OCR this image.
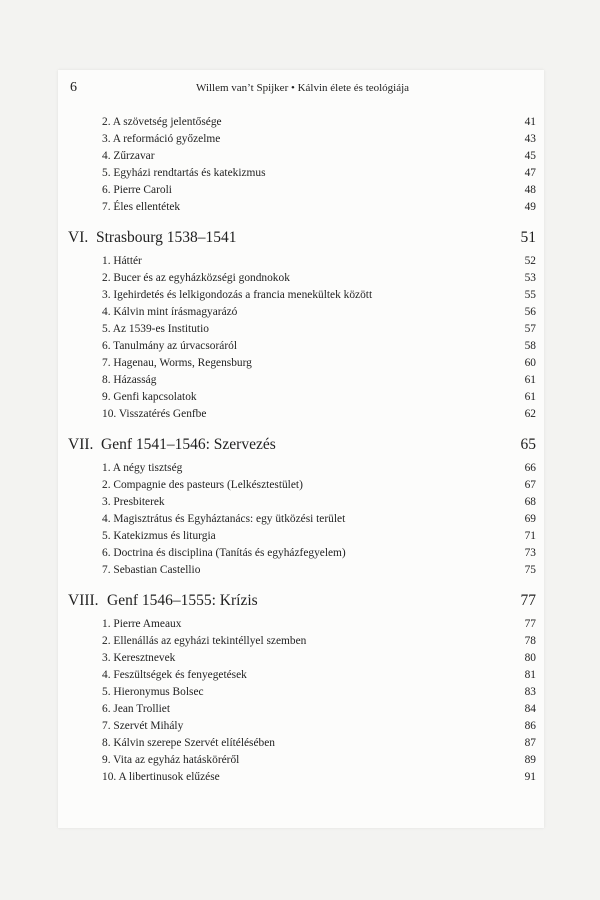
6	Willem van’t Spijker • Kálvin élete és teológiája
2. A szövetség jelentősége	41
3. A reformáció győzelme	43
4. Zűrzavar	45
5. Egyházi rendtartás és katekizmus	47
6. Pierre Caroli	48
7. Éles ellentétek	49
VI. Strasbourg 1538–1541	51
1. Háttér	52
2. Bucer és az egyházközségi gondnokok	53
3. Igehirdetés és lelkigondozás a francia menekültek között	55
4. Kálvin mint írásmagyarázó	56
5. Az 1539-es Institutio	57
6. Tanulmány az úrvacsoráról	58
7. Hagenau, Worms, Regensburg	60
8. Házasság	61
9. Genfi kapcsolatok	61
10. Visszatérés Genfbe	62
VII. Genf 1541–1546: Szervezés	65
1. A négy tisztség	66
2. Compagnie des pasteurs (Lelkésztestület)	67
3. Presbiterek	68
4. Magisztrátus és Egyháztanács: egy ütközési terület	69
5. Katekizmus és liturgia	71
6. Doctrina és disciplina (Tanítás és egyházfegyelem)	73
7. Sebastian Castellio	75
VIII. Genf 1546–1555: Krízis	77
1. Pierre Ameaux	77
2. Ellenállás az egyházi tekintéllyel szemben	78
3. Keresztnevek	80
4. Feszültségek és fenyegetések	81
5. Hieronymus Bolsec	83
6. Jean Trolliet	84
7. Szervét Mihály	86
8. Kálvin szerepe Szervét elítélésében	87
9. Vita az egyház hatásköréről	89
10. A libertinusok elűzése	91
